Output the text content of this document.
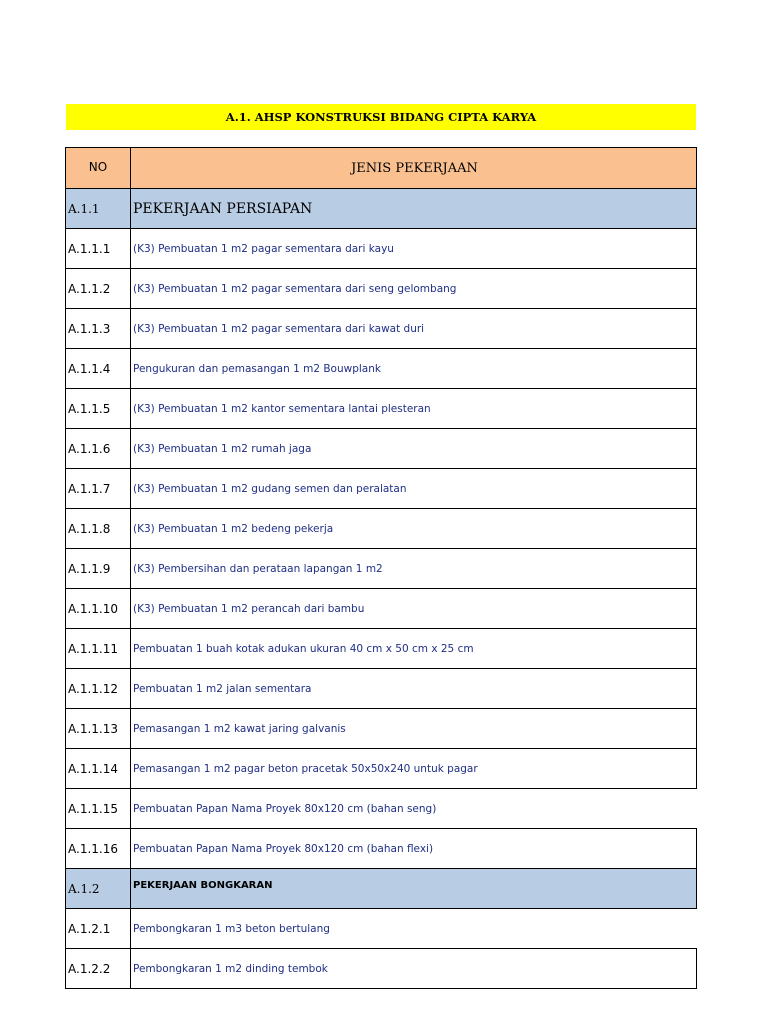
A.1. AHSP KONSTRUKSI BIDANG CIPTA KARYA
NO	JENIS PEKERJAAN
A.1.1	PEKERJAAN PERSIAPAN
A.1.1.1	(K3) Pembuatan 1 m2 pagar sementara dari kayu
A.1.1.2	(K3) Pembuatan 1 m2 pagar sementara dari seng gelombang
A.1.1.3	(K3) Pembuatan 1 m2 pagar sementara dari kawat duri
A.1.1.4	Pengukuran dan pemasangan 1 m2 Bouwplank
A.1.1.5	(K3) Pembuatan 1 m2 kantor sementara lantai plesteran
A.1.1.6	(K3) Pembuatan 1 m2 rumah jaga
A.1.1.7	(K3) Pembuatan 1 m2 gudang semen dan peralatan
A.1.1.8	(K3) Pembuatan 1 m2 bedeng pekerja
A.1.1.9	(K3) Pembersihan dan perataan lapangan 1 m2
A.1.1.10	(K3) Pembuatan 1 m2 perancah dari bambu
A.1.1.11	Pembuatan 1 buah kotak adukan ukuran 40 cm x 50 cm x 25 cm
A.1.1.12	Pembuatan 1 m2 jalan sementara
A.1.1.13	Pemasangan 1 m2 kawat jaring galvanis
A.1.1.14	Pemasangan 1 m2 pagar beton pracetak 50x50x240 untuk pagar
A.1.1.15	Pembuatan Papan Nama Proyek 80x120 cm (bahan seng)
A.1.1.16	Pembuatan Papan Nama Proyek 80x120 cm (bahan flexi)
A.1.2	PEKERJAAN BONGKARAN
A.1.2.1	Pembongkaran 1 m3 beton bertulang
A.1.2.2	Pembongkaran 1 m2 dinding tembok
